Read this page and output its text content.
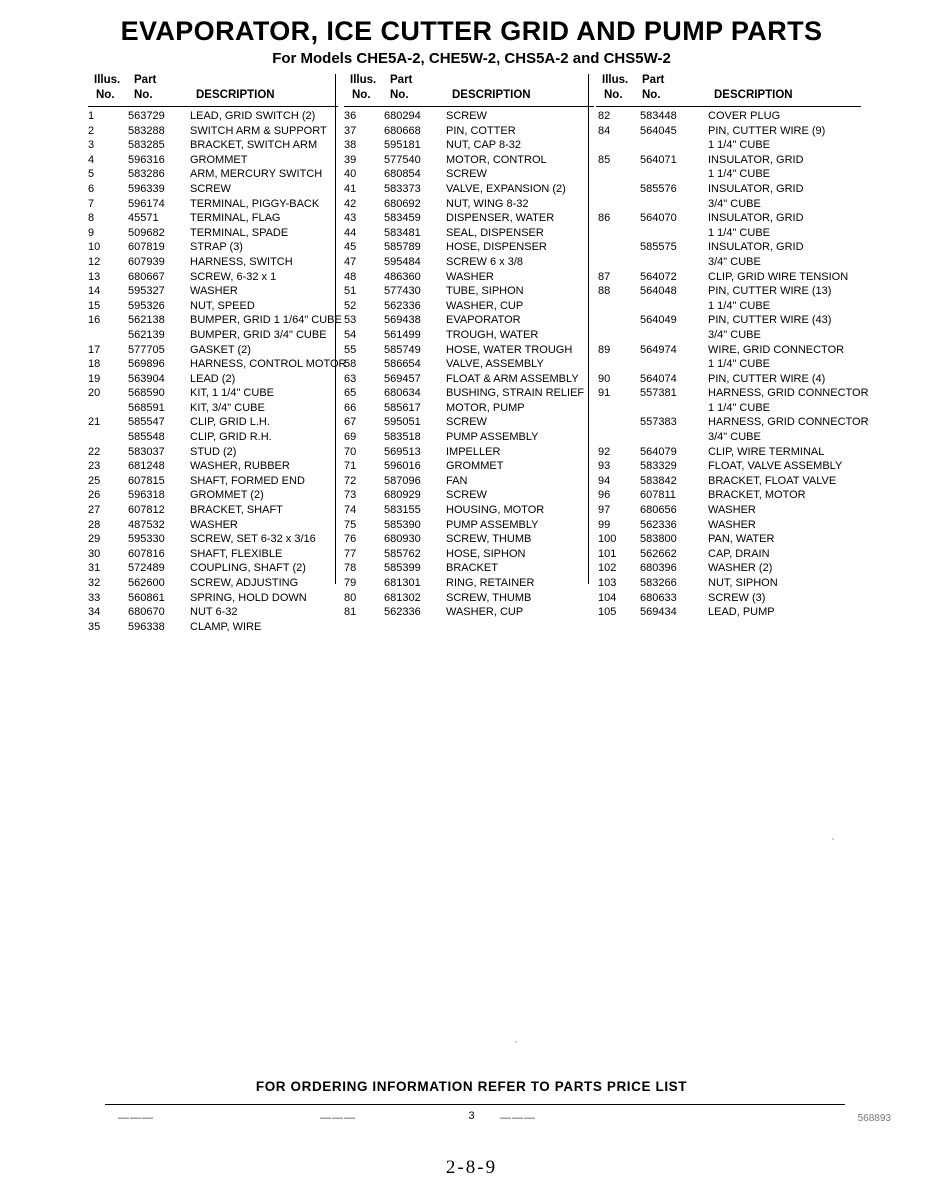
EVAPORATOR, ICE CUTTER GRID AND PUMP PARTS
For Models CHE5A-2, CHE5W-2, CHS5A-2 and CHS5W-2
Illus. Part
No. No.	DESCRIPTION
1	563729	LEAD, GRID SWITCH (2)
2	583288	SWITCH ARM & SUPPORT
3	583285	BRACKET, SWITCH ARM
4	596316	GROMMET
5	583286	ARM, MERCURY SWITCH
6	596339	SCREW
7	596174	TERMINAL, PIGGY-BACK
8	45571	TERMINAL, FLAG
9	509682	TERMINAL, SPADE
10	607819	STRAP (3)
12	607939	HARNESS, SWITCH
13	680667	SCREW, 6-32 x 1
14	595327	WASHER
15	595326	NUT, SPEED
16	562138	BUMPER, GRID 1 1/64" CUBE
562139	BUMPER, GRID 3/4" CUBE
17	577705	GASKET (2)
18	569896	HARNESS, CONTROL MOTOR
19	563904	LEAD (2)
20	568590	KIT, 1 1/4" CUBE
568591	KIT, 3/4" CUBE
21	585547	CLIP, GRID L.H.
585548	CLIP, GRID R.H.
22	583037	STUD (2)
23	681248	WASHER, RUBBER
25	607815	SHAFT, FORMED END
26	596318	GROMMET (2)
27	607812	BRACKET, SHAFT
28	487532	WASHER
29	595330	SCREW, SET 6-32 x 3/16
30	607816	SHAFT, FLEXIBLE
31	572489	COUPLING, SHAFT (2)
32	562600	SCREW, ADJUSTING
33	560861	SPRING, HOLD DOWN
34	680670	NUT 6-32
35	596338	CLAMP, WIRE
Illus. Part
No. No.	DESCRIPTION
36	680294	SCREW
37	680668	PIN, COTTER
38	595181	NUT, CAP 8-32
39	577540	MOTOR, CONTROL
40	680854	SCREW
41	583373	VALVE, EXPANSION (2)
42	680692	NUT, WING 8-32
43	583459	DISPENSER, WATER
44	583481	SEAL, DISPENSER
45	585789	HOSE, DISPENSER
47	595484	SCREW 6 x 3/8
48	486360	WASHER
51	577430	TUBE, SIPHON
52	562336	WASHER, CUP
53	569438	EVAPORATOR
54	561499	TROUGH, WATER
55	585749	HOSE, WATER TROUGH
58	586654	VALVE, ASSEMBLY
63	569457	FLOAT & ARM ASSEMBLY
65	680634	BUSHING, STRAIN RELIEF
66	585617	MOTOR, PUMP
67	595051	SCREW
69	583518	PUMP ASSEMBLY
70	569513	IMPELLER
71	596016	GROMMET
72	587096	FAN
73	680929	SCREW
74	583155	HOUSING, MOTOR
75	585390	PUMP ASSEMBLY
76	680930	SCREW, THUMB
77	585762	HOSE, SIPHON
78	585399	BRACKET
79	681301	RING, RETAINER
80	681302	SCREW, THUMB
81	562336	WASHER, CUP
Illus. Part
No. No.	DESCRIPTION
82	583448	COVER PLUG
84	564045	PIN, CUTTER WIRE (9)
1 1/4" CUBE
85	564071	INSULATOR, GRID
1 1/4" CUBE
585576	INSULATOR, GRID
3/4" CUBE
86	564070	INSULATOR, GRID
1 1/4" CUBE
585575	INSULATOR, GRID
3/4" CUBE
87	564072	CLIP, GRID WIRE TENSION
88	564048	PIN, CUTTER WIRE (13)
1 1/4" CUBE
564049	PIN, CUTTER WIRE (43)
3/4" CUBE
89	564974	WIRE, GRID CONNECTOR
1 1/4" CUBE
90	564074	PIN, CUTTER WIRE (4)
91	557381	HARNESS, GRID CONNECTOR
1 1/4" CUBE
557383	HARNESS, GRID CONNECTOR
3/4" CUBE
92	564079	CLIP, WIRE TERMINAL
93	583329	FLOAT, VALVE ASSEMBLY
94	583842	BRACKET, FLOAT VALVE
96	607811	BRACKET, MOTOR
97	680656	WASHER
99	562336	WASHER
100	583800	PAN, WATER
101	562662	CAP, DRAIN
102	680396	WASHER (2)
103	583266	NUT, SIPHON
104	680633	SCREW (3)
105	569434	LEAD, PUMP
FOR ORDERING INFORMATION REFER TO PARTS PRICE LIST
———	———	———
3	568893
2-8-9
